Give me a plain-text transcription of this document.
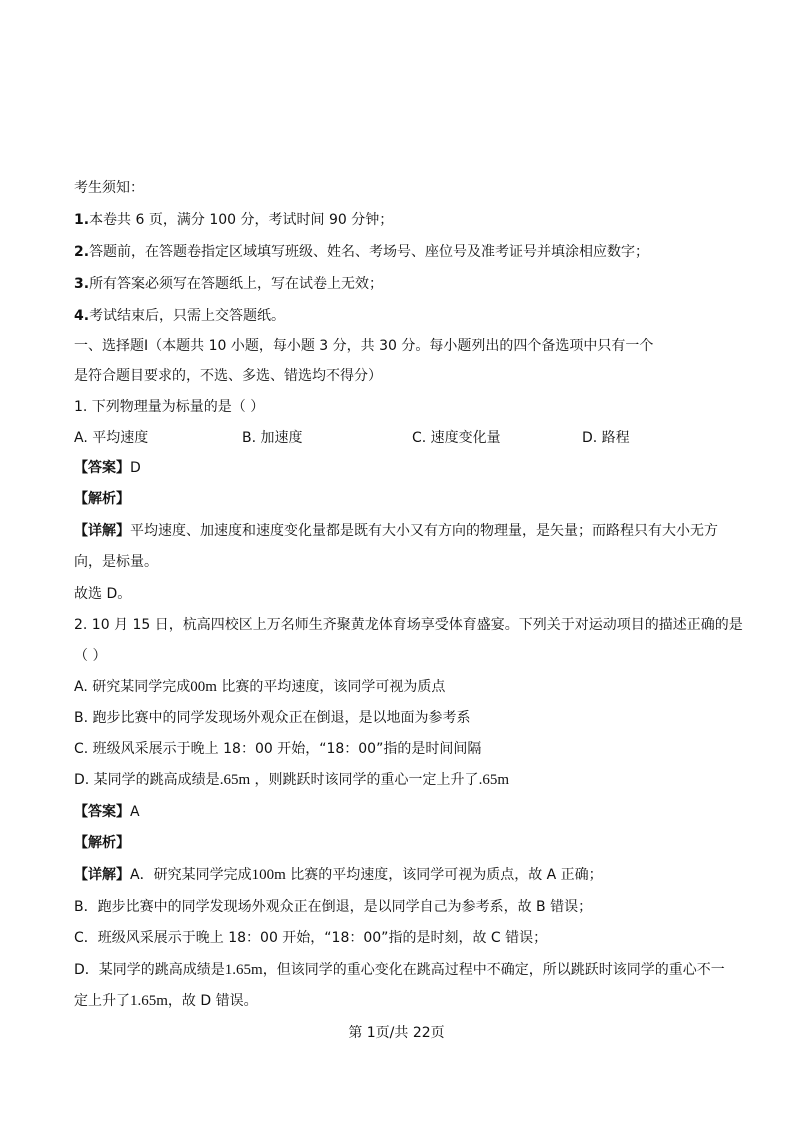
考生须知：
1.本卷共 6 页，满分 100 分，考试时间 90 分钟；
2.答题前，在答题卷指定区域填写班级、姓名、考场号、座位号及准考证号并填涂相应数字；
3.所有答案必须写在答题纸上，写在试卷上无效；
4.考试结束后，只需上交答题纸。
一、选择题Ⅰ（本题共 10 小题，每小题 3 分，共 30 分。每小题列出的四个备选项中只有一个
是符合题目要求的，不选、多选、错选均不得分）
1. 下列物理量为标量的是（ ）
A. 平均速度	B. 加速度	C. 速度变化量	D. 路程
【答案】D
【解析】
【详解】平均速度、加速度和速度变化量都是既有大小又有方向的物理量，是矢量；而路程只有大小无方
向，是标量。
故选 D。
2. 10 月 15 日，杭高四校区上万名师生齐聚黄龙体育场享受体育盛宴。下列关于对运动项目的描述正确的是
（ ）
A. 研究某同学完成00m 比赛的平均速度，该同学可视为质点
B. 跑步比赛中的同学发现场外观众正在倒退，是以地面为参考系
C. 班级风采展示于晚上 18：00 开始，“18：00”指的是时间间隔
D. 某同学的跳高成绩是.65m ，则跳跃时该同学的重心一定上升了.65m
【答案】A
【解析】
【详解】A．研究某同学完成100m 比赛的平均速度，该同学可视为质点，故 A 正确；
B．跑步比赛中的同学发现场外观众正在倒退，是以同学自己为参考系，故 B 错误；
C．班级风采展示于晚上 18：00 开始，“18：00”指的是时刻，故 C 错误；
D．某同学的跳高成绩是1.65m，但该同学的重心变化在跳高过程中不确定，所以跳跃时该同学的重心不一
定上升了1.65m，故 D 错误。
第 1页/共 22页
